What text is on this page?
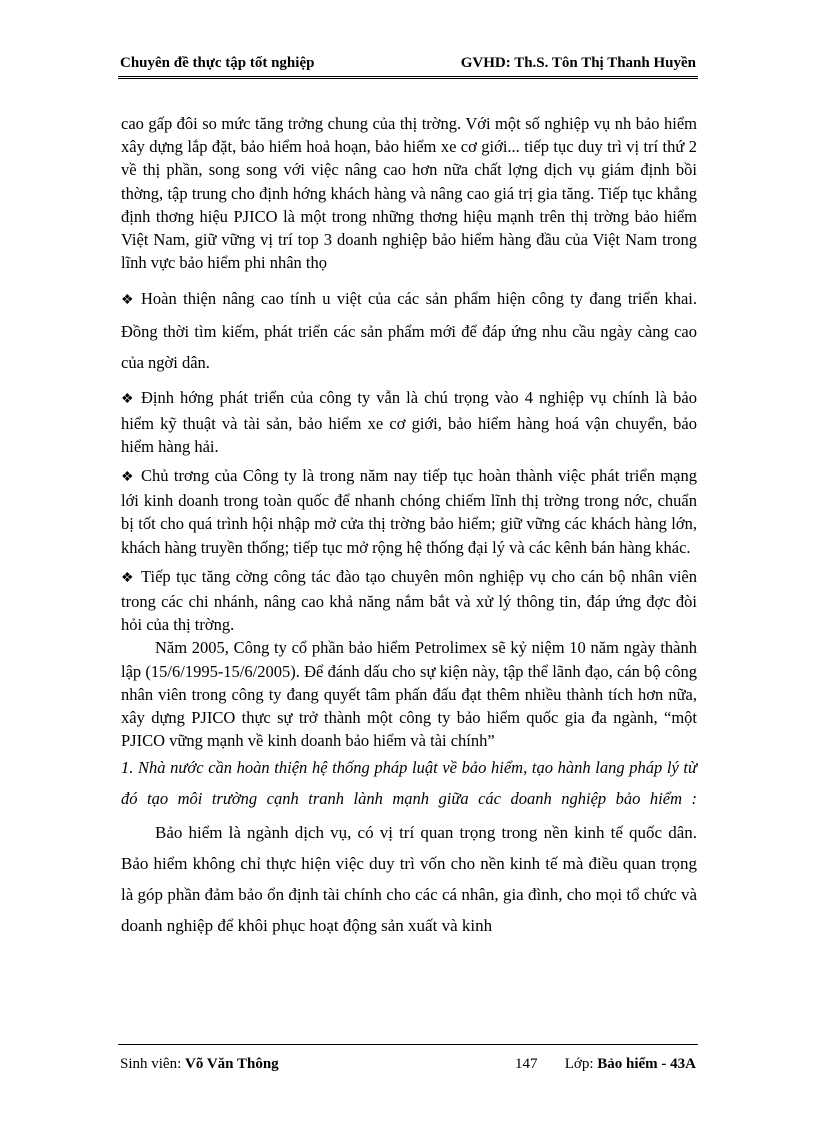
Chuyên đề thực tập tốt nghiệp	GVHD: Th.S. Tôn Thị Thanh Huyền

cao gấp đôi so mức tăng trởng chung của thị trờng. Với một số nghiệp vụ nh bảo hiểm xây dựng lắp đặt, bảo hiểm hoả hoạn, bảo hiểm xe cơ giới... tiếp tục duy trì vị trí thứ 2 về thị phần, song song với việc nâng cao hơn nữa chất lợng dịch vụ giám định bồi thờng, tập trung cho định hớng khách hàng và nâng cao giá trị gia tăng. Tiếp tục khẳng định thơng hiệu PJICO là một trong những thơng hiệu mạnh trên thị trờng bảo hiểm Việt Nam, giữ vững vị trí top 3 doanh nghiệp bảo hiểm hàng đầu của Việt Nam trong lĩnh vực bảo hiểm phi nhân thọ

❖ Hoàn thiện nâng cao tính u việt của các sản phẩm hiện công ty đang triển khai. Đồng thời tìm kiếm, phát triển các sản phẩm mới để đáp ứng nhu cầu ngày càng cao của ngời dân.

❖ Định hớng phát triển của công ty vẫn là chú trọng vào 4 nghiệp vụ chính là bảo hiểm kỹ thuật và tài sản, bảo hiểm xe cơ giới, bảo hiểm hàng hoá vận chuyển, bảo hiểm hàng hải.

❖ Chủ trơng của Công ty là trong năm nay tiếp tục hoàn thành việc phát triển mạng lới kinh doanh trong toàn quốc để nhanh chóng chiếm lĩnh thị trờng trong nớc, chuẩn bị tốt cho quá trình hội nhập mở cửa thị trờng bảo hiểm; giữ vững các khách hàng lớn, khách hàng truyền thống; tiếp tục mở rộng hệ thống đại lý và các kênh bán hàng khác.

❖ Tiếp tục tăng cờng công tác đào tạo chuyên môn nghiệp vụ cho cán bộ nhân viên trong các chi nhánh, nâng cao khả năng nắm bắt và xử lý thông tin, đáp ứng đợc đòi hỏi của thị trờng.

Năm 2005, Công ty cổ phần bảo hiểm Petrolimex sẽ kỷ niệm 10 năm ngày thành lập (15/6/1995-15/6/2005). Để đánh dấu cho sự kiện này, tập thể lãnh đạo, cán bộ công nhân viên trong công ty đang quyết tâm phấn đấu đạt thêm nhiều thành tích hơn nữa, xây dựng PJICO thực sự trở thành một công ty bảo hiểm quốc gia đa ngành, “một PJICO vững mạnh về kinh doanh bảo hiểm và tài chính”

1. Nhà nước cần hoàn thiện hệ thống pháp luật về bảo hiểm, tạo hành lang pháp lý từ đó tạo môi trường cạnh tranh lành mạnh giữa các doanh nghiệp bảo hiểm :

Bảo hiểm là ngành dịch vụ, có vị trí quan trọng trong nền kinh tế quốc dân. Bảo hiểm không chỉ thực hiện việc duy trì vốn cho nền kinh tế mà điều quan trọng là góp phần đảm bảo ổn định tài chính cho các cá nhân, gia đình, cho mọi tổ chức và doanh nghiệp để khôi phục hoạt động sản xuất và kinh

Sinh viên: Võ Văn Thông	147 Lớp: Bảo hiểm - 43A
